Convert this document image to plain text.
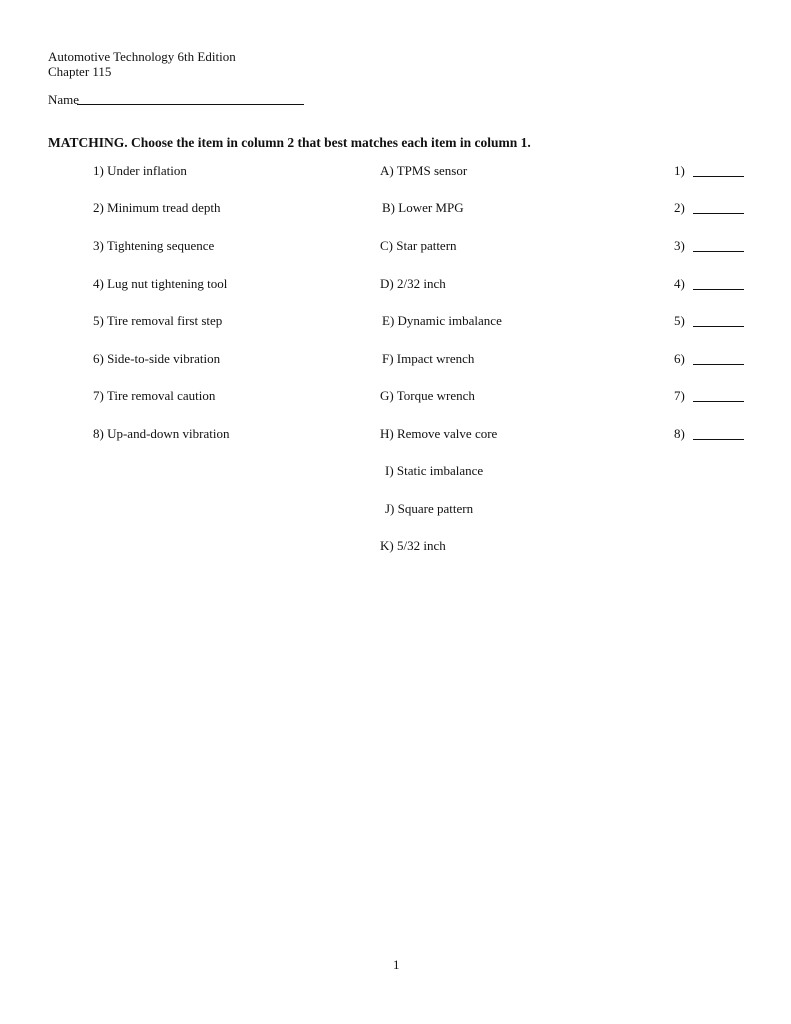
Automotive Technology 6th Edition
Chapter 115
Name
MATCHING. Choose the item in column 2 that best matches each item in column 1.
1) Under inflation
2) Minimum tread depth
3) Tightening sequence
4) Lug nut tightening tool
5) Tire removal first step
6) Side-to-side vibration
7) Tire removal caution
8) Up-and-down vibration
A) TPMS sensor
B) Lower MPG
C) Star pattern
D) 2/32 inch
E) Dynamic imbalance
F) Impact wrench
G) Torque wrench
H) Remove valve core
I) Static imbalance
J) Square pattern
K) 5/32 inch
1)
2)
3)
4)
5)
6)
7)
8)
1
